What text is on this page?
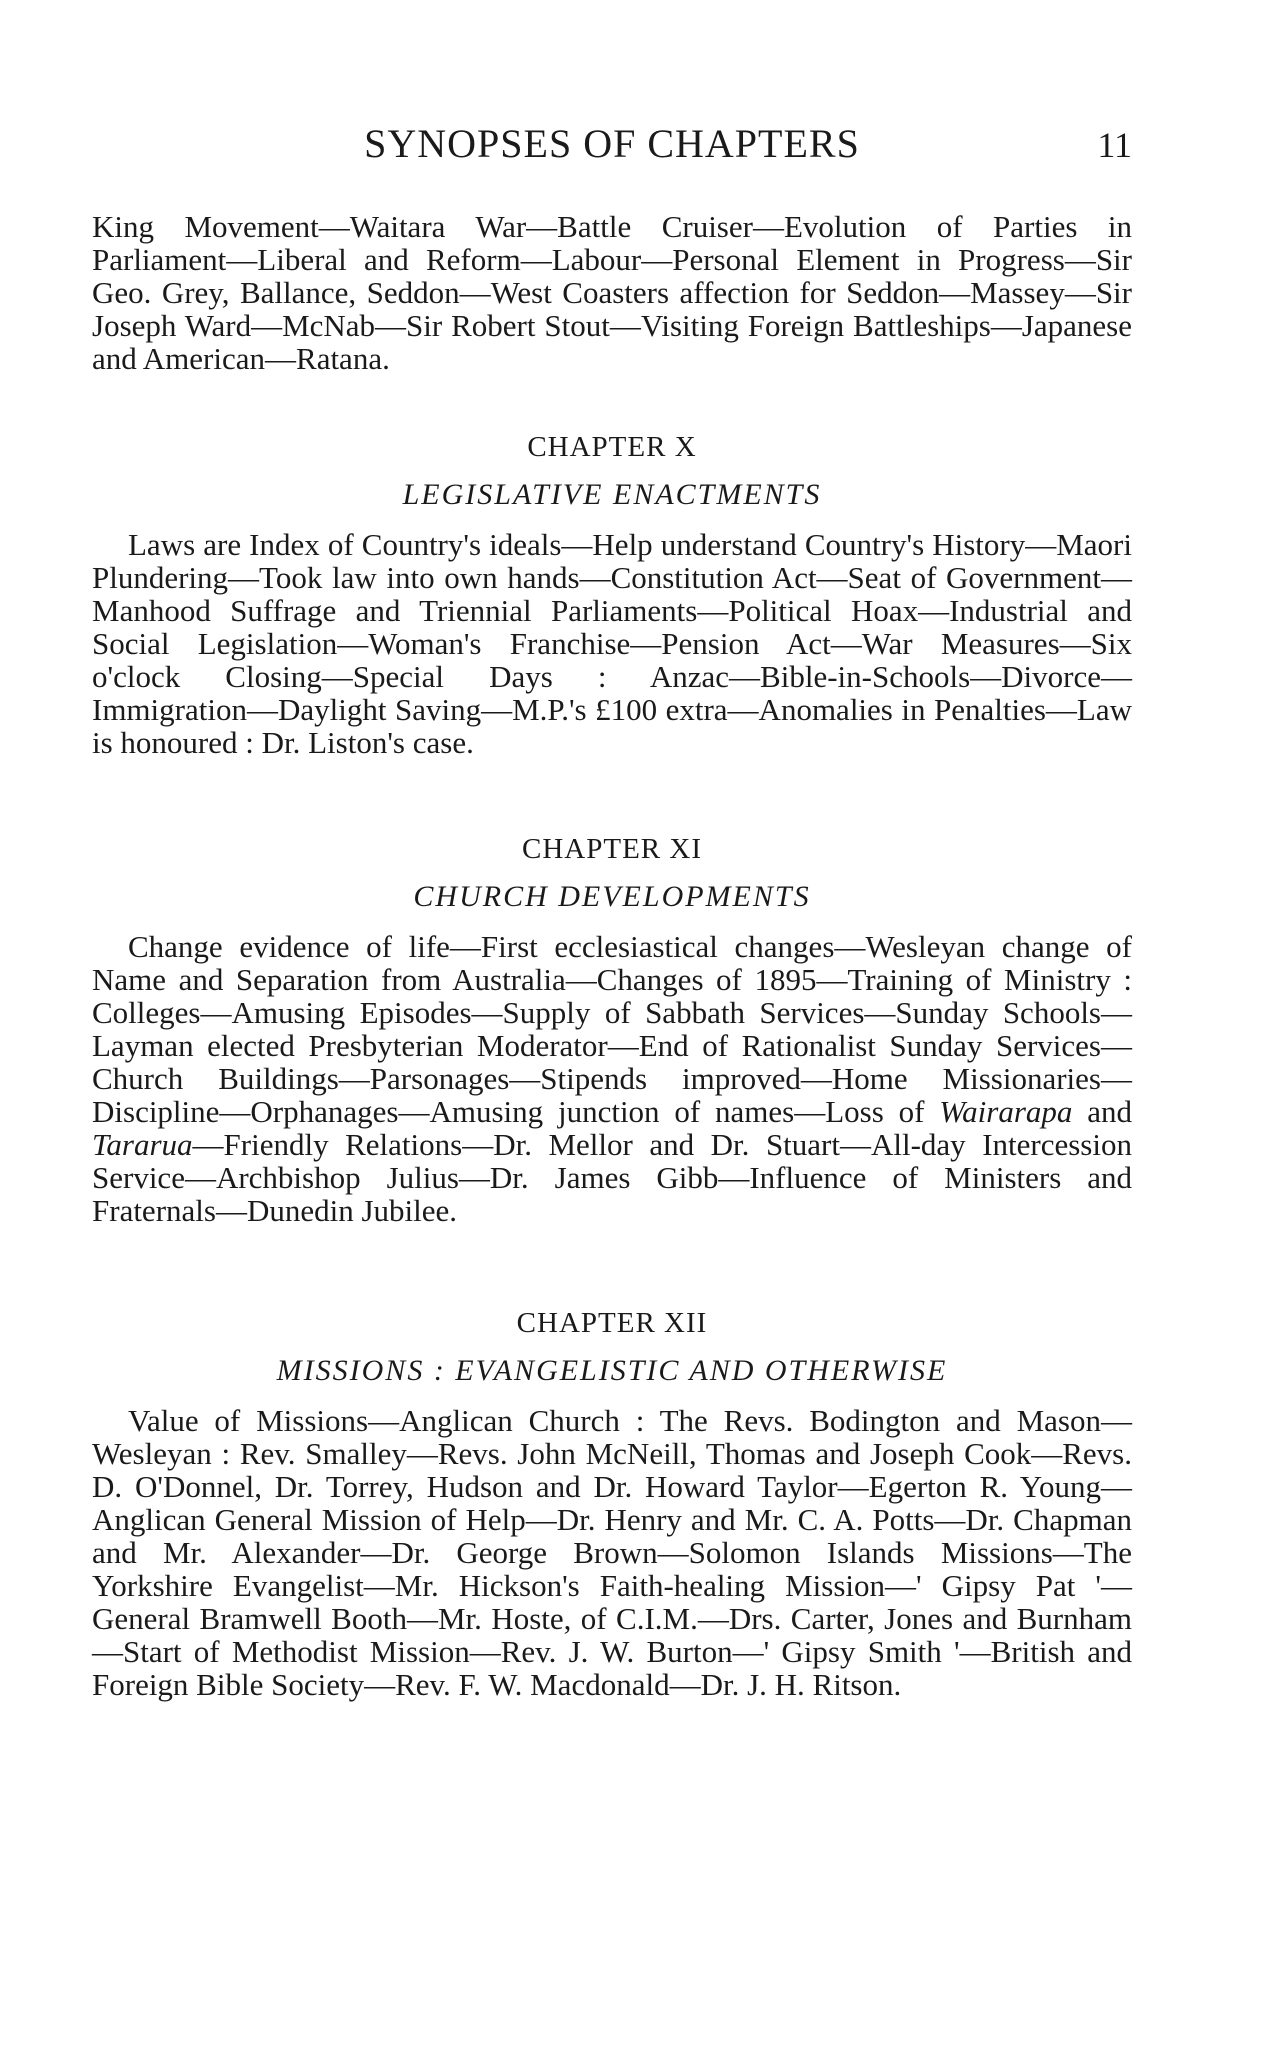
SYNOPSES OF CHAPTERS	11

King Movement—Waitara War—Battle Cruiser—Evolution of Parties in Parliament—Liberal and Reform—Labour—Personal Element in Progress—Sir Geo. Grey, Ballance, Seddon—West Coasters affection for Seddon—Massey—Sir Joseph Ward—McNab—Sir Robert Stout—Visiting Foreign Battleships—Japanese and American—Ratana.

CHAPTER X
LEGISLATIVE ENACTMENTS

Laws are Index of Country's ideals—Help understand Country's History—Maori Plundering—Took law into own hands—Constitution Act—Seat of Government—Manhood Suffrage and Triennial Parliaments—Political Hoax—Industrial and Social Legislation—Woman's Franchise—Pension Act—War Measures—Six o'clock Closing—Special Days : Anzac—Bible-in-Schools—Divorce—Immigration—Daylight Saving—M.P.'s £100 extra—Anomalies in Penalties—Law is honoured : Dr. Liston's case.

CHAPTER XI
CHURCH DEVELOPMENTS

Change evidence of life—First ecclesiastical changes—Wesleyan change of Name and Separation from Australia—Changes of 1895—Training of Ministry : Colleges—Amusing Episodes—Supply of Sabbath Services—Sunday Schools—Layman elected Presbyterian Moderator—End of Rationalist Sunday Services—Church Buildings—Parsonages—Stipends improved—Home Missionaries—Discipline—Orphanages—Amusing junction of names—Loss of Wairarapa and Tararua—Friendly Relations—Dr. Mellor and Dr. Stuart—All-day Intercession Service—Archbishop Julius—Dr. James Gibb—Influence of Ministers and Fraternals—Dunedin Jubilee.

CHAPTER XII
MISSIONS : EVANGELISTIC AND OTHERWISE

Value of Missions—Anglican Church : The Revs. Bodington and Mason—Wesleyan : Rev. Smalley—Revs. John McNeill, Thomas and Joseph Cook—Revs. D. O'Donnel, Dr. Torrey, Hudson and Dr. Howard Taylor—Egerton R. Young—Anglican General Mission of Help—Dr. Henry and Mr. C. A. Potts—Dr. Chapman and Mr. Alexander—Dr. George Brown—Solomon Islands Missions—The Yorkshire Evangelist—Mr. Hickson's Faith-healing Mission—' Gipsy Pat '—General Bramwell Booth—Mr. Hoste, of C.I.M.—Drs. Carter, Jones and Burnham—Start of Methodist Mission—Rev. J. W. Burton—' Gipsy Smith '—British and Foreign Bible Society—Rev. F. W. Macdonald—Dr. J. H. Ritson.
